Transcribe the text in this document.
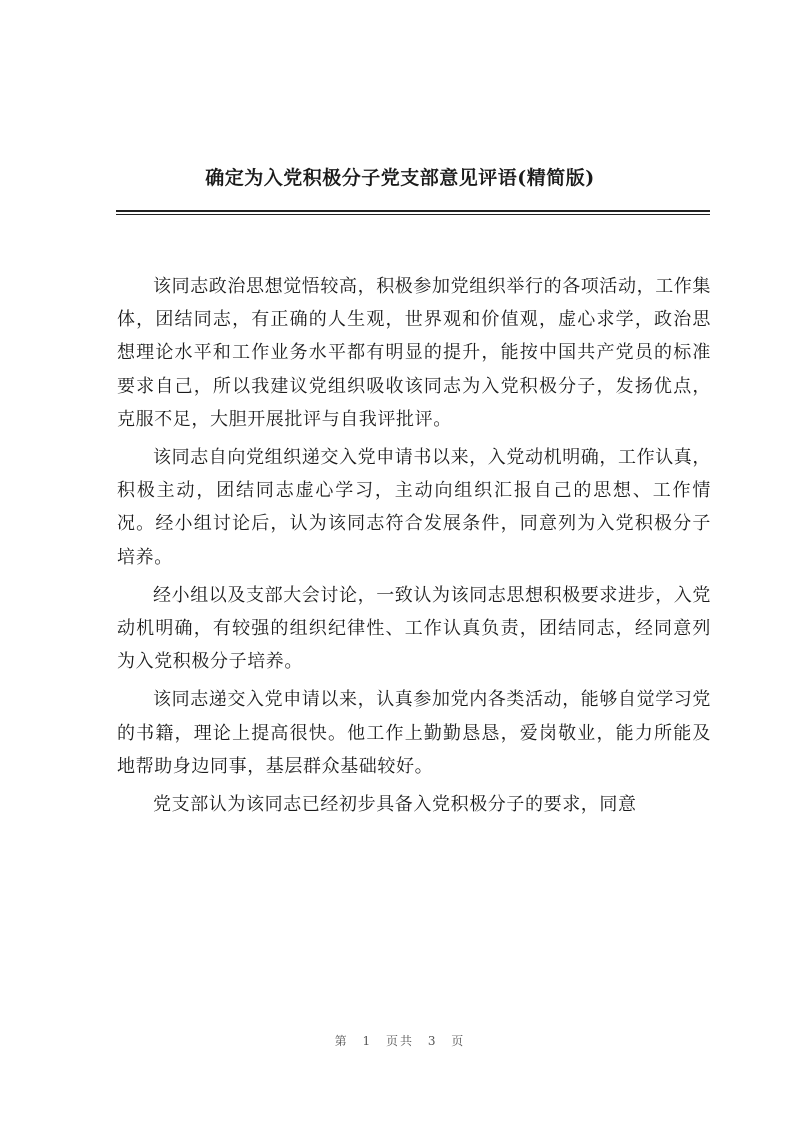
确定为入党积极分子党支部意见评语(精简版)

该同志政治思想觉悟较高，积极参加党组织举行的各项活动，工作集体，团结同志，有正确的人生观，世界观和价值观，虚心求学，政治思想理论水平和工作业务水平都有明显的提升，能按中国共产党员的标准要求自己，所以我建议党组织吸收该同志为入党积极分子，发扬优点，克服不足，大胆开展批评与自我评批评。

该同志自向党组织递交入党申请书以来，入党动机明确，工作认真，积极主动，团结同志虚心学习，主动向组织汇报自己的思想、工作情况。经小组讨论后，认为该同志符合发展条件，同意列为入党积极分子培养。

经小组以及支部大会讨论，一致认为该同志思想积极要求进步，入党动机明确，有较强的组织纪律性、工作认真负责，团结同志，经同意列为入党积极分子培养。

该同志递交入党申请以来，认真参加党内各类活动，能够自觉学习党的书籍，理论上提高很快。他工作上勤勤恳恳，爱岗敬业，能力所能及地帮助身边同事，基层群众基础较好。

党支部认为该同志已经初步具备入党积极分子的要求，同意

第 1 页共 3 页
